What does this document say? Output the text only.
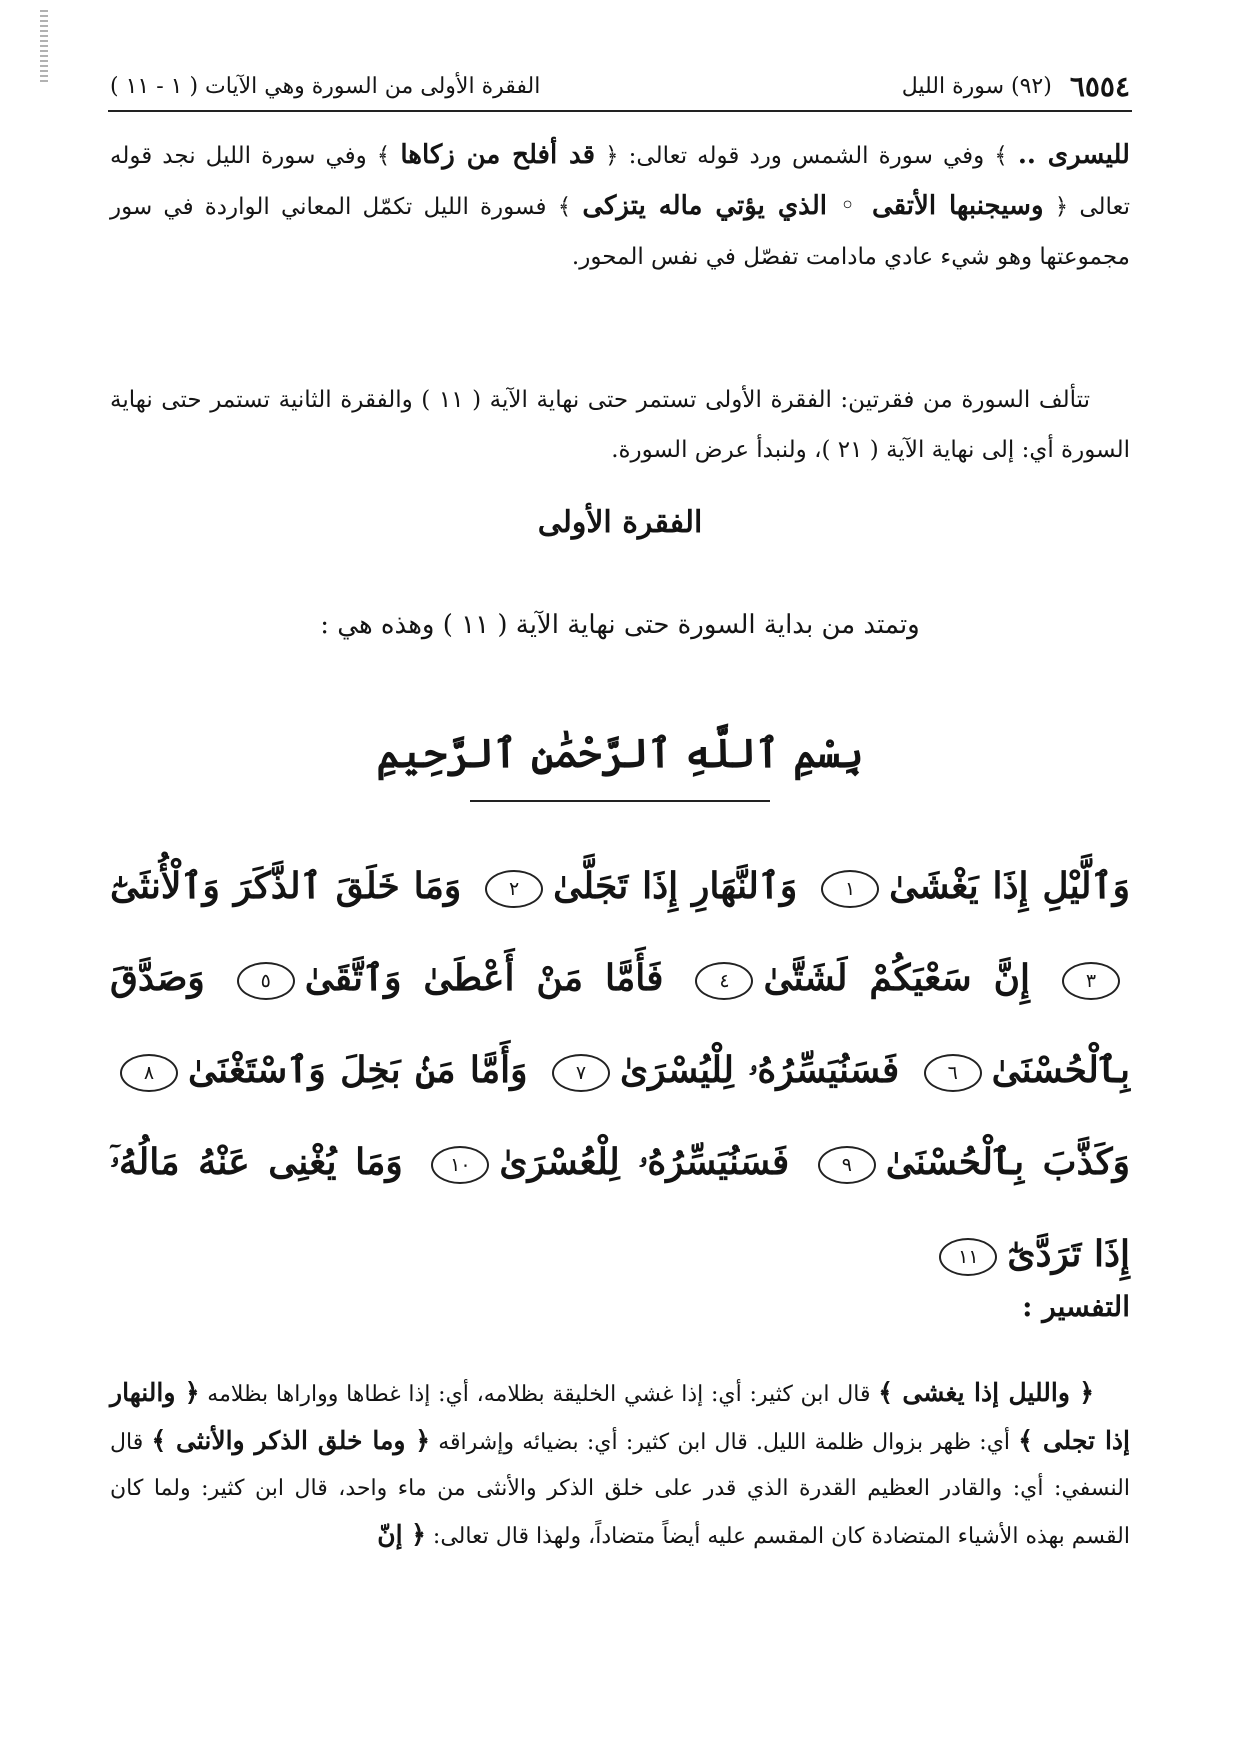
٦٥٥٤
(٩٢) سورة الليل
الفقرة الأولى من السورة وهي الآيات ( ١ - ١١ )

لليسرى .. ﴾ وفي سورة الشمس ورد قوله تعالى: ﴿ قد أفلح من زكاها ﴾ وفي سورة الليل نجد قوله تعالى ﴿ وسيجنبها الأتقى ◦ الذي يؤتي ماله يتزكى ﴾ فسورة الليل تكمّل المعاني الواردة في سور مجموعتها وهو شيء عادي مادامت تفصّل في نفس المحور.

تتألف السورة من فقرتين: الفقرة الأولى تستمر حتى نهاية الآية ( ١١ ) والفقرة الثانية تستمر حتى نهاية السورة أي: إلى نهاية الآية ( ٢١ )، ولنبدأ عرض السورة.

الفقرة الأولى
وتمتد من بداية السورة حتى نهاية الآية ( ١١ ) وهذه هي :
بِسْمِ ٱللَّهِ ٱلرَّحْمَٰنِ ٱلرَّحِيمِ
وَٱلَّيْلِ إِذَا يَغْشَىٰ١ وَٱلنَّهَارِ إِذَا تَجَلَّىٰ٢ وَمَا خَلَقَ ٱلذَّكَرَ وَٱلْأُنثَىٰٓ٣ إِنَّ سَعْيَكُمْ لَشَتَّىٰ٤ فَأَمَّا مَنْ أَعْطَىٰ وَٱتَّقَىٰ٥ وَصَدَّقَ بِٱلْحُسْنَىٰ٦ فَسَنُيَسِّرُهُۥ لِلْيُسْرَىٰ٧ وَأَمَّا مَنۢ بَخِلَ وَٱسْتَغْنَىٰ٨ وَكَذَّبَ بِٱلْحُسْنَىٰ٩ فَسَنُيَسِّرُهُۥ لِلْعُسْرَىٰ١٠ وَمَا يُغْنِى عَنْهُ مَالُهُۥٓ إِذَا تَرَدَّىٰٓ١١
التفسير :

﴿ والليل إذا يغشى ﴾ قال ابن كثير: أي: إذا غشي الخليقة بظلامه، أي: إذا غطاها وواراها بظلامه ﴿ والنهار إذا تجلى ﴾ أي: ظهر بزوال ظلمة الليل. قال ابن كثير: أي: بضيائه وإشراقه ﴿ وما خلق الذكر والأنثى ﴾ قال النسفي: أي: والقادر العظيم القدرة الذي قدر على خلق الذكر والأنثى من ماء واحد، قال ابن كثير: ولما كان القسم بهذه الأشياء المتضادة كان المقسم عليه أيضاً متضاداً، ولهذا قال تعالى: ﴿ إنّ
